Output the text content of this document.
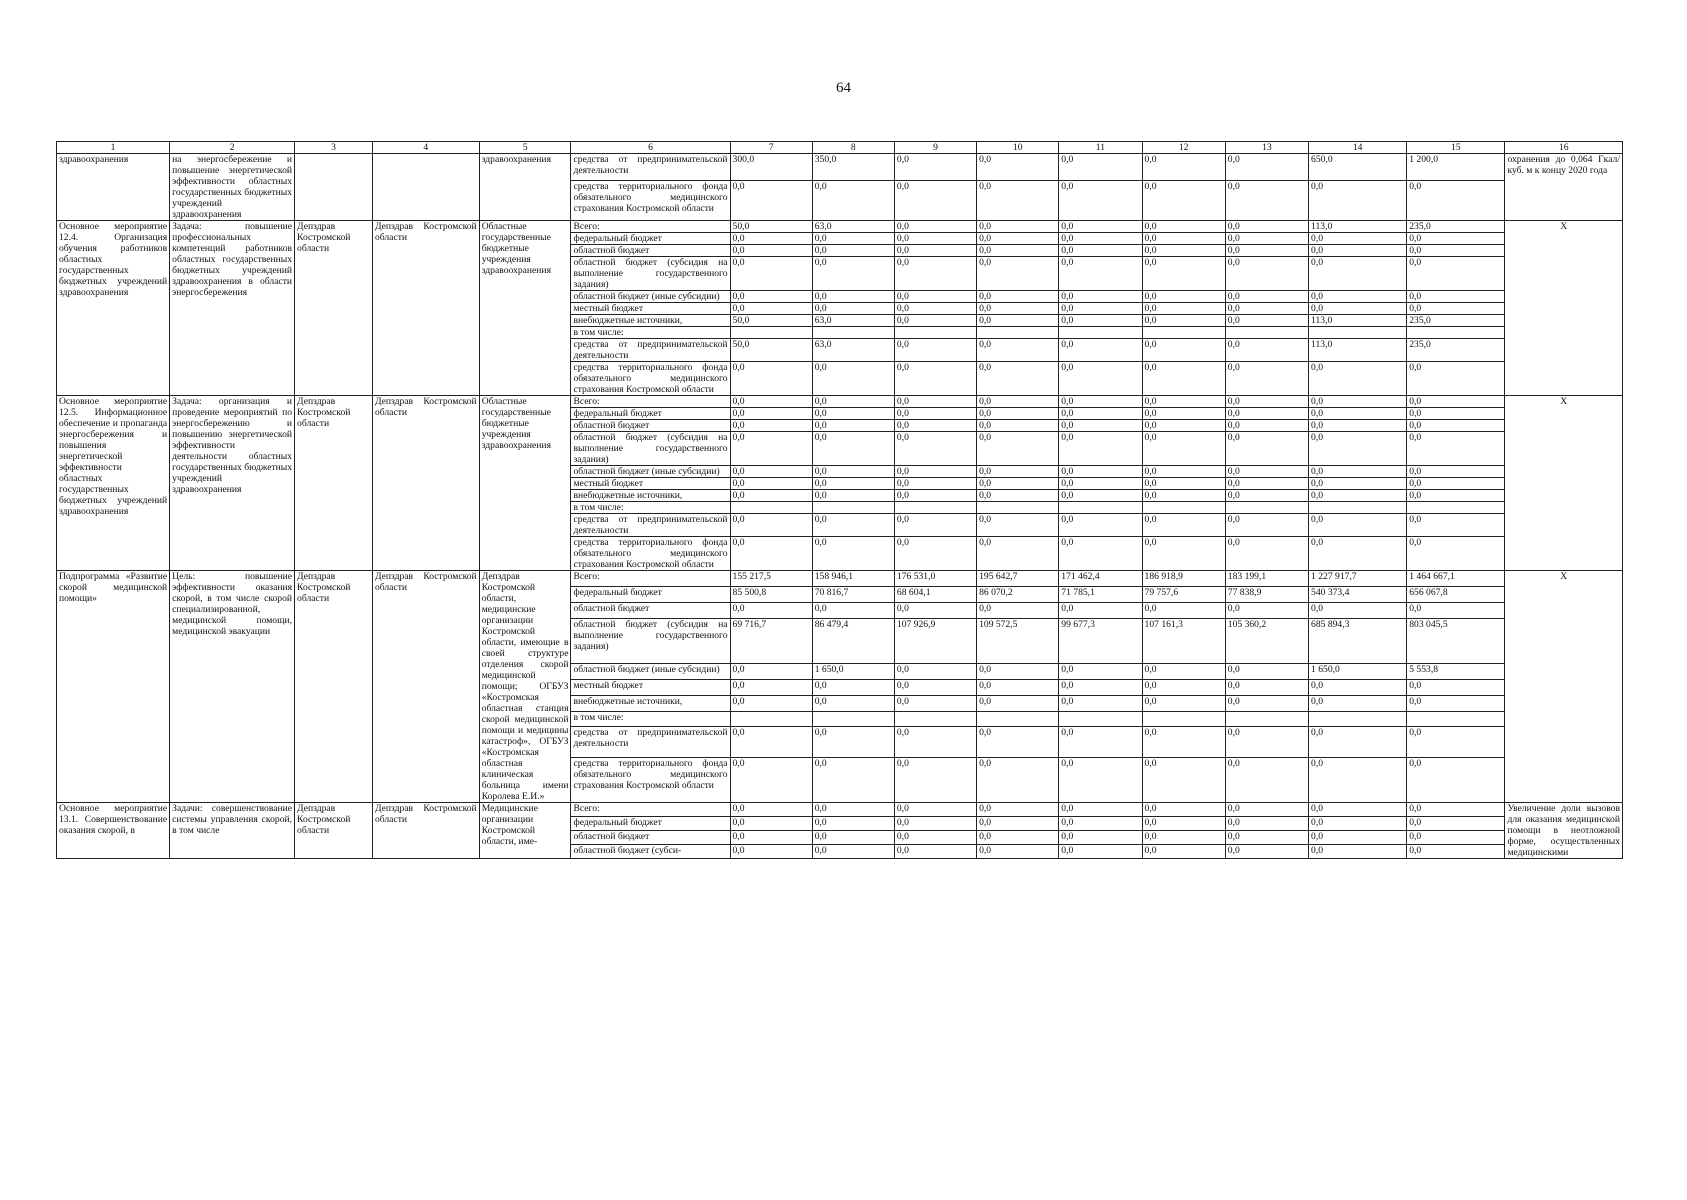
64
1	2	3	4	5	6	7	8	9	10	11	12	13	14	15	16
здравоохранения	на энергосбережение и повышение энергетической эффективности областных государственных бюджетных учреждений здравоохранения			здравоохранения	средства от предпринимательской деятельности	300,0	350,0	0,0	0,0	0,0	0,0	0,0	650,0	1 200,0	охранения до 0,064 Гкал/куб. м к концу 2020 года
					средства территориального фонда обязательного медицинского страхования Костромской области	0,0	0,0	0,0	0,0	0,0	0,0	0,0	0,0	0,0	
Основное мероприятие 12.4. Организация обучения работников областных государственных бюджетных учреждений здравоохранения	Задача: повышение профессиональных компетенций работников областных государственных бюджетных учреждений здравоохранения в области энергосбережения	Депздрав Костромской области	Депздрав Костромской области	Областные государственные бюджетные учреждения здравоохранения	Всего:	50,0	63,0	0,0	0,0	0,0	0,0	0,0	113,0	235,0	X
					федеральный бюджет	0,0	0,0	0,0	0,0	0,0	0,0	0,0	0,0	0,0	
					областной бюджет	0,0	0,0	0,0	0,0	0,0	0,0	0,0	0,0	0,0	
					областной бюджет (субсидия на выполнение государственного задания)	0,0	0,0	0,0	0,0	0,0	0,0	0,0	0,0	0,0	
					областной бюджет (иные субсидии)	0,0	0,0	0,0	0,0	0,0	0,0	0,0	0,0	0,0	
					местный бюджет	0,0	0,0	0,0	0,0	0,0	0,0	0,0	0,0	0,0	
					внебюджетные источники,	50,0	63,0	0,0	0,0	0,0	0,0	0,0	113,0	235,0	
					в том числе:										
					средства от предпринимательской деятельности	50,0	63,0	0,0	0,0	0,0	0,0	0,0	113,0	235,0	
					средства территориального фонда обязательного медицинского страхования Костромской области	0,0	0,0	0,0	0,0	0,0	0,0	0,0	0,0	0,0	
Основное мероприятие 12.5. Информационное обеспечение и пропаганда энергосбережения и повышения энергетической эффективности областных государственных бюджетных учреждений здравоохранения	Задача: организация и проведение мероприятий по энергосбережению и повышению энергетической эффективности деятельности областных государственных бюджетных учреждений здравоохранения	Депздрав Костромской области	Депздрав Костромской области	Областные государственные бюджетные учреждения здравоохранения	Всего:	0,0	0,0	0,0	0,0	0,0	0,0	0,0	0,0	0,0	X
					федеральный бюджет	0,0	0,0	0,0	0,0	0,0	0,0	0,0	0,0	0,0	
					областной бюджет	0,0	0,0	0,0	0,0	0,0	0,0	0,0	0,0	0,0	
					областной бюджет (субсидия на выполнение государственного задания)	0,0	0,0	0,0	0,0	0,0	0,0	0,0	0,0	0,0	
					областной бюджет (иные субсидии)	0,0	0,0	0,0	0,0	0,0	0,0	0,0	0,0	0,0	
					местный бюджет	0,0	0,0	0,0	0,0	0,0	0,0	0,0	0,0	0,0	
					внебюджетные источники,	0,0	0,0	0,0	0,0	0,0	0,0	0,0	0,0	0,0	
					в том числе:										
					средства от предпринимательской деятельности	0,0	0,0	0,0	0,0	0,0	0,0	0,0	0,0	0,0	
					средства территориального фонда обязательного медицинского страхования Костромской области	0,0	0,0	0,0	0,0	0,0	0,0	0,0	0,0	0,0	
Подпрограмма «Развитие скорой медицинской помощи»	Цель: повышение эффективности оказания скорой, в том числе скорой специализированной, медицинской помощи, медицинской эвакуации	Депздрав Костромской области	Депздрав Костромской области	Депздрав Костромской области, медицинские организации Костромской области, имеющие в своей структуре отделения скорой медицинской помощи; ОГБУЗ «Костромская областная станция скорой медицинской помощи и медицины катастроф», ОГБУЗ «Костромская областная клиническая больница имени Королева Е.И.»	Всего:	155 217,5	158 946,1	176 531,0	195 642,7	171 462,4	186 918,9	183 199,1	1 227 917,7	1 464 667,1	X
					федеральный бюджет	85 500,8	70 816,7	68 604,1	86 070,2	71 785,1	79 757,6	77 838,9	540 373,4	656 067,8	
					областной бюджет	0,0	0,0	0,0	0,0	0,0	0,0	0,0	0,0	0,0	
					областной бюджет (субсидия на выполнение государственного задания)	69 716,7	86 479,4	107 926,9	109 572,5	99 677,3	107 161,3	105 360,2	685 894,3	803 045,5	
					областной бюджет (иные субсидии)	0,0	1 650,0	0,0	0,0	0,0	0,0	0,0	1 650,0	5 553,8	
					местный бюджет	0,0	0,0	0,0	0,0	0,0	0,0	0,0	0,0	0,0	
					внебюджетные источники,	0,0	0,0	0,0	0,0	0,0	0,0	0,0	0,0	0,0	
					в том числе:										
					средства от предпринимательской деятельности	0,0	0,0	0,0	0,0	0,0	0,0	0,0	0,0	0,0	
					средства территориального фонда обязательного медицинского страхования Костромской области	0,0	0,0	0,0	0,0	0,0	0,0	0,0	0,0	0,0	
Основное мероприятие 13.1. Совершенствование оказания скорой, в	Задачи: совершенствование системы управления скорой, в том числе	Депздрав Костромской области	Депздрав Костромской области	Медицинские организации Костромской области, име-	Всего:	0,0	0,0	0,0	0,0	0,0	0,0	0,0	0,0	0,0	Увеличение доли вызовов для оказания медицинской помощи в неотложной форме, осуществленных медицинскими
					федеральный бюджет	0,0	0,0	0,0	0,0	0,0	0,0	0,0	0,0	0,0	
					областной бюджет	0,0	0,0	0,0	0,0	0,0	0,0	0,0	0,0	0,0	
					областной бюджет (субси-	0,0	0,0	0,0	0,0	0,0	0,0	0,0	0,0	0,0	
